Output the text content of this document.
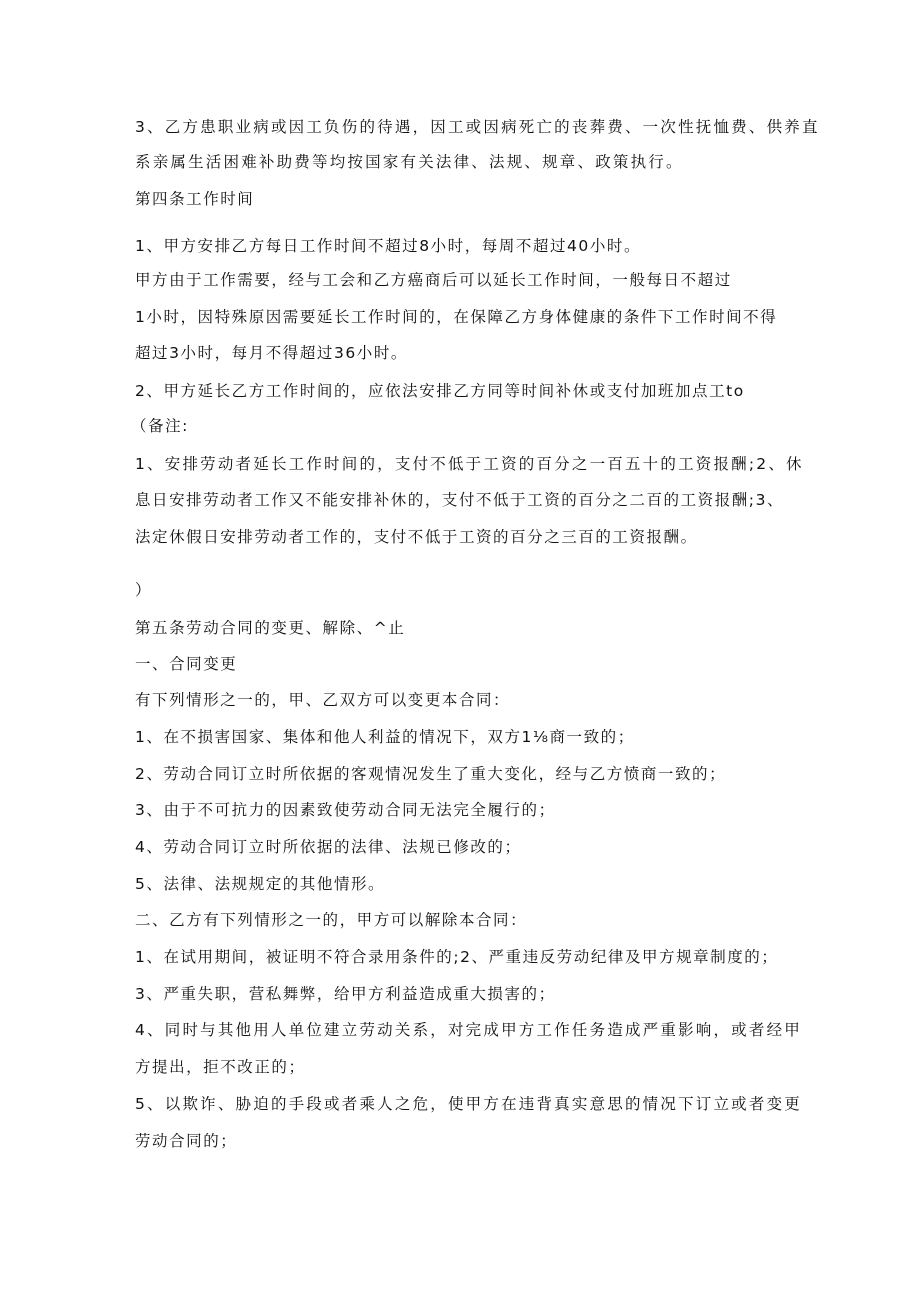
3、乙方患职业病或因工负伤的待遇，因工或因病死亡的丧葬费、一次性抚恤费、供养直
系亲属生活困难补助费等均按国家有关法律、法规、规章、政策执行。
第四条工作时间
1、甲方安排乙方每日工作时间不超过8小时，每周不超过40小时。
甲方由于工作需要，经与工会和乙方癌商后可以延长工作时间，一般每日不超过
1小时，因特殊原因需要延长工作时间的，在保障乙方身体健康的条件下工作时间不得
超过3小时，每月不得超过36小时。
2、甲方延长乙方工作时间的，应依法安排乙方同等时间补休或支付加班加点工to
（备注:
1、安排劳动者延长工作时间的，支付不低于工资的百分之一百五十的工资报酬;2、休
息日安排劳动者工作又不能安排补休的，支付不低于工资的百分之二百的工资报酬;3、
法定休假日安排劳动者工作的，支付不低于工资的百分之三百的工资报酬。
）
第五条劳动合同的变更、解除、^止
一、合同变更
有下列情形之一的，甲、乙双方可以变更本合同：
1、在不损害国家、集体和他人利益的情况下，双方1⅛商一致的；
2、劳动合同订立时所依据的客观情况发生了重大变化，经与乙方愤商一致的；
3、由于不可抗力的因素致使劳动合同无法完全履行的；
4、劳动合同订立时所依据的法律、法规已修改的；
5、法律、法规规定的其他情形。
二、乙方有下列情形之一的，甲方可以解除本合同：
1、在试用期间，被证明不符合录用条件的;2、严重违反劳动纪律及甲方规章制度的；
3、严重失职，营私舞弊，给甲方利益造成重大损害的；
4、同时与其他用人单位建立劳动关系，对完成甲方工作任务造成严重影响，或者经甲
方提出，拒不改正的；
5、以欺诈、胁迫的手段或者乘人之危，使甲方在违背真实意思的情况下订立或者变更
劳动合同的；
